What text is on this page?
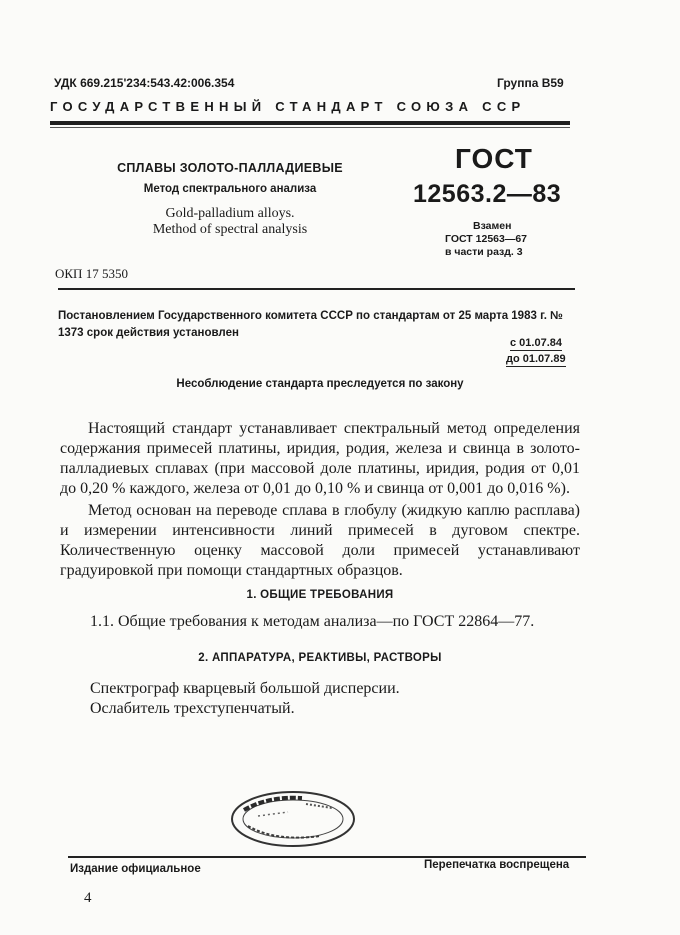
УДК 669.215'234:543.42:006.354	Группа В59
ГОСУДАРСТВЕННЫЙ СТАНДАРТ СОЮЗА ССР
СПЛАВЫ ЗОЛОТО-ПАЛЛАДИЕВЫЕ
Метод спектрального анализа
Gold-palladium alloys.
Method of spectral analysis
ГОСТ
12563.2—83
Взамен
ГОСТ 12563—67
в части разд. 3
ОКП 17 5350
Постановлением Государственного комитета СССР по стандартам от 25 марта 1983 г. № 1373 срок действия установлен
с 01.07.84
до 01.07.89
Несоблюдение стандарта преследуется по закону
Настоящий стандарт устанавливает спектральный метод определения содержания примесей платины, иридия, родия, железа и свинца в золото-палладиевых сплавах (при массовой доле платины, иридия, родия от 0,01 до 0,20 % каждого, железа от 0,01 до 0,10 % и свинца от 0,001 до 0,016 %).
Метод основан на переводе сплава в глобулу (жидкую каплю расплава) и измерении интенсивности линий примесей в дуговом спектре. Количественную оценку массовой доли примесей устанавливают градуировкой при помощи стандартных образцов.
1. ОБЩИЕ ТРЕБОВАНИЯ
1.1. Общие требования к методам анализа—по ГОСТ 22864—77.
2. АППАРАТУРА, РЕАКТИВЫ, РАСТВОРЫ
Спектрограф кварцевый большой дисперсии.
Ослабитель трехступенчатый.
Издание официальное	Перепечатка воспрещена
4
